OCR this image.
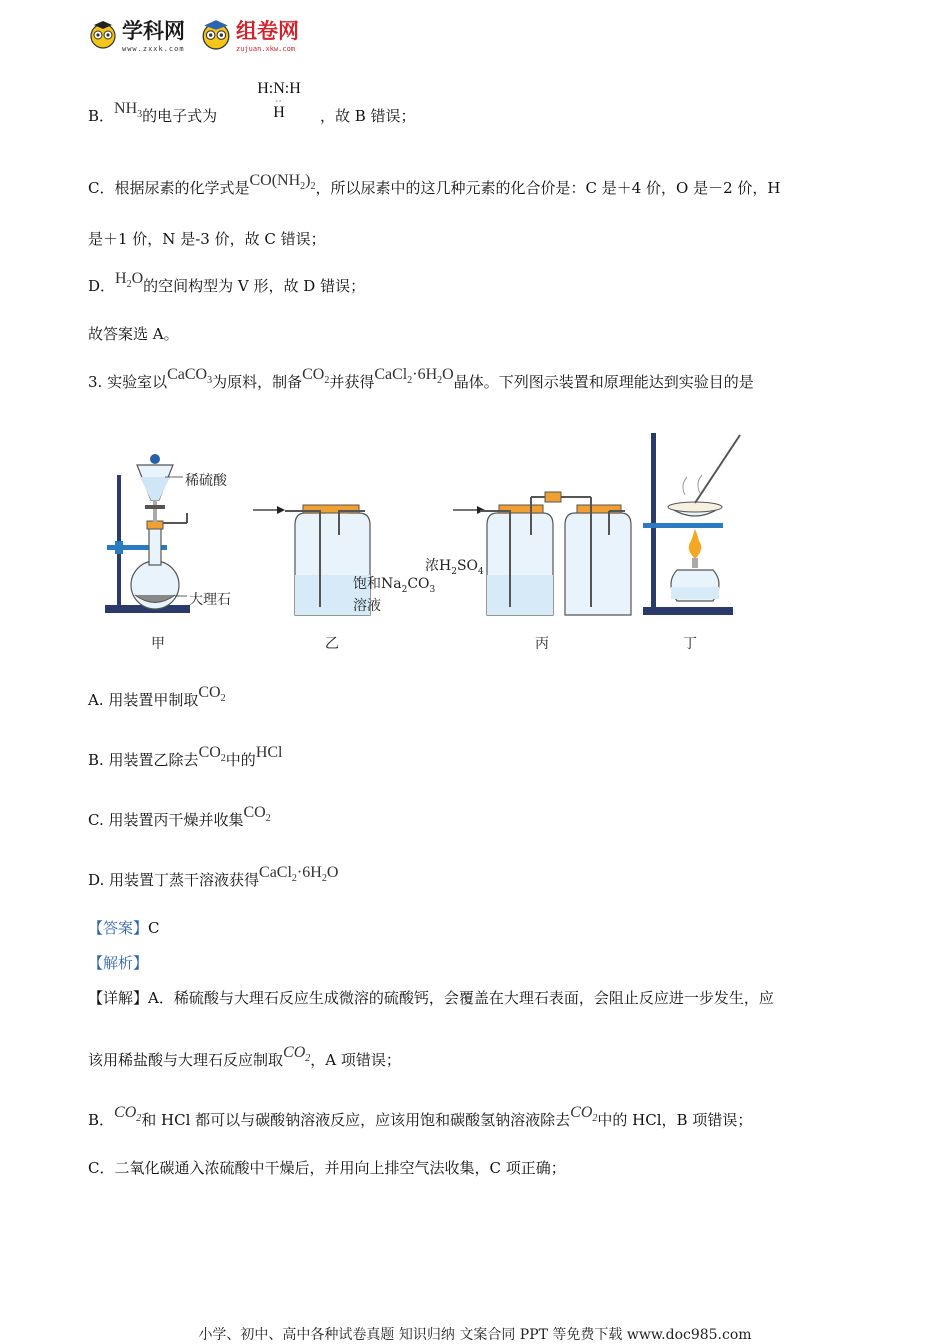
学科网
www.zxxk.com
组卷网
zujuan.xkw.com
B．$NH_3$的电子式为
H:N:H
∙∙
H	，故 B 错误；
C．根据尿素的化学式是$CO(NH_2)_2$，所以尿素中的这几种元素的化合价是：C 是＋4 价，O 是－2 价，H
是＋1 价，N 是-3 价，故 C 错误；
D．$H_2O$的空间构型为 V 形，故 D 错误；
故答案选 A。
3. 实验室以CaCO$_3$为原料，制备$CO_2$并获得$CaCl_2\cdot 6H_2O$晶体。下列图示装置和原理能达到实验目的是
稀硫酸
大理石
饱和$Na_2CO_3$
溶液
浓$H_2SO_4$
甲	乙	丙	丁
A. 用装置甲制取$CO_2$
B. 用装置乙除去$CO_2$中的HCl
C. 用装置丙干燥并收集$CO_2$
D. 用装置丁蒸干溶液获得$CaCl_2\cdot 6H_2O$
【答案】C
【解析】
【详解】A．稀硫酸与大理石反应生成微溶的硫酸钙，会覆盖在大理石表面，会阻止反应进一步发生，应
该用稀盐酸与大理石反应制取$CO_2$，A 项错误；
B．$CO_2$和 HCl 都可以与碳酸钠溶液反应，应该用饱和碳酸氢钠溶液除去$CO_2$中的 HCl，B 项错误；
C．二氧化碳通入浓硫酸中干燥后，并用向上排空气法收集，C 项正确；
小学、初中、高中各种试卷真题 知识归纳 文案合同 PPT 等免费下载 www.doc985.com
